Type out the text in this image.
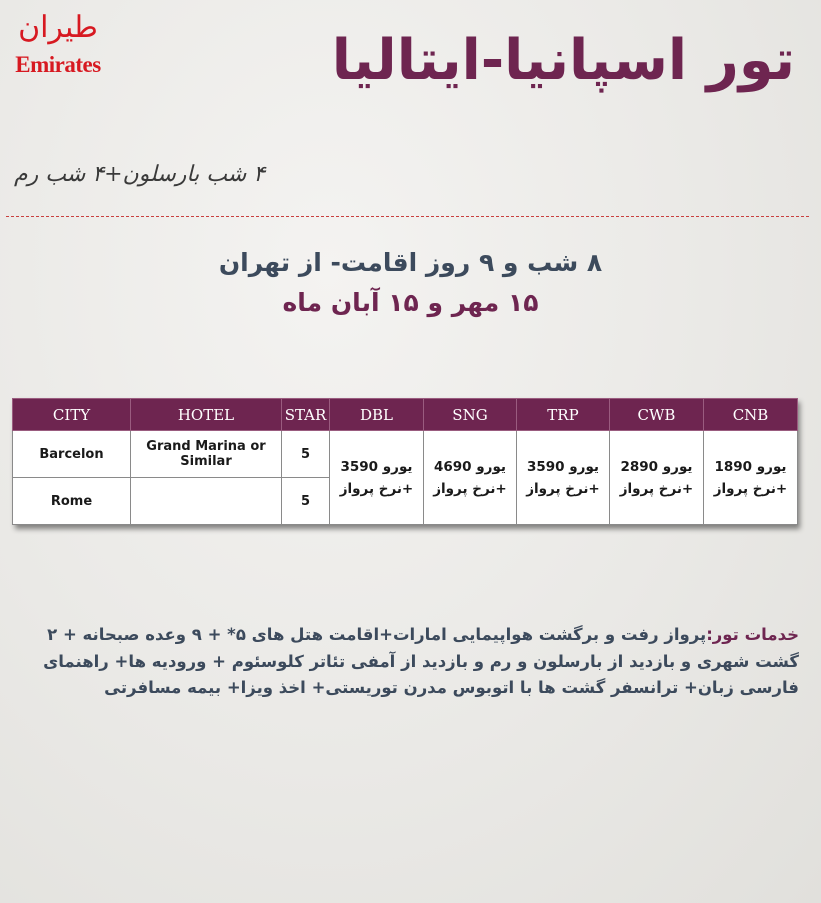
طيران
Emirates	تور اسپانیا-ایتالیا
۴ شب بارسلون+۴ شب رم
۸ شب و ۹ روز اقامت- از تهران
۱۵ مهر و ۱۵ آبان ماه
CITY	HOTEL	STAR	DBL	SNG	TRP	CWB	CNB
Barcelon	Grand Marina or Similar	5	یورو 3590 +نرخ پرواز	یورو 4690 +نرخ پرواز	یورو 3590 +نرخ پرواز	یورو 2890 +نرخ پرواز	یورو 1890 +نرخ پرواز
Rome		5					
خدمات تور:پرواز رفت و برگشت هواپیمایی امارات+اقامت هتل های ۵* + ۹ وعده صبحانه + ۲ گشت شهری و بازدید از بارسلون و رم و بازدید از آمفی تئاتر کلوسئوم + ورودیه ها+ راهنمای فارسی زبان+ ترانسفر گشت ها با اتوبوس مدرن توریستی+ اخذ ویزا+ بیمه مسافرتی
